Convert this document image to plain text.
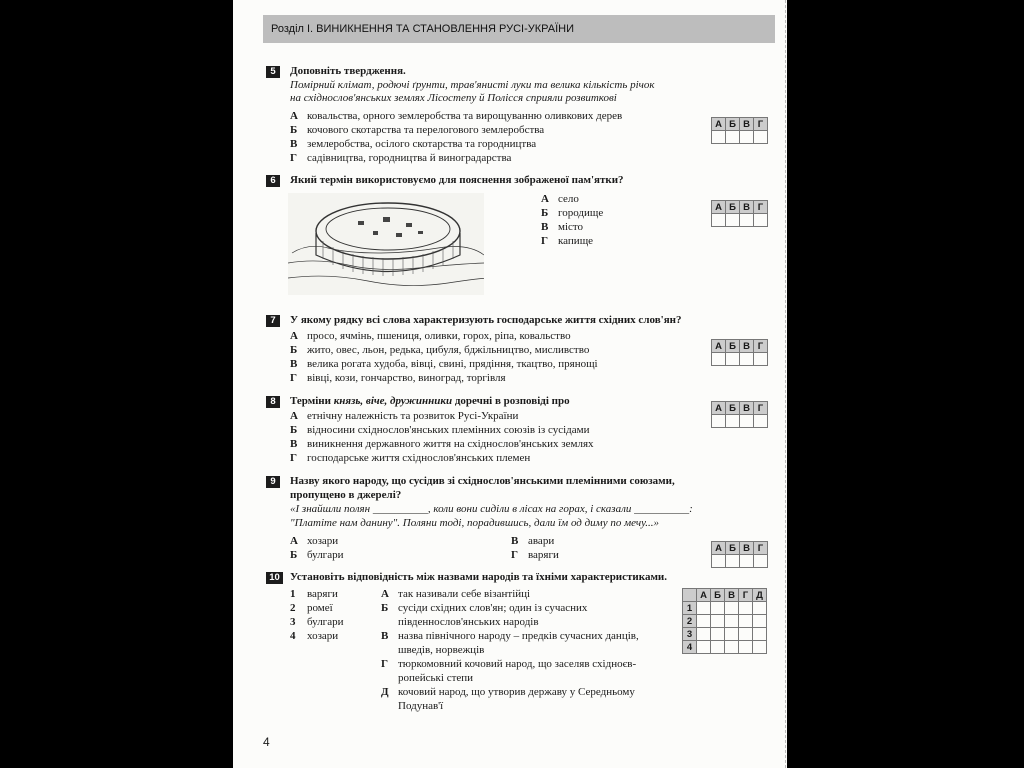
Розділ І. ВИНИКНЕННЯ ТА СТАНОВЛЕННЯ РУСІ-УКРАЇНИ
5	Доповніть твердження.
Помірний клімат, родючі ґрунти, трав'янисті луки та велика кількість річок
на східнослов'янських землях Лісостепу й Полісся сприяли розвиткові
А ковальства, орного землеробства та вирощуванню оливкових дерев
Б кочового скотарства та перелогового землеробства
В землеробства, осілого скотарства та городництва
Г садівництва, городництва й виноградарства
А	Б	В	Г

6	Який термін використовуємо для пояснення зображеної пам'ятки?
А село
Б городище
В місто
Г капище
А	Б	В	Г

7	У якому рядку всі слова характеризують господарське життя східних слов'ян?
А просо, ячмінь, пшениця, оливки, горох, ріпа, ковальство
Б жито, овес, льон, редька, цибуля, бджільництво, мисливство
В велика рогата худоба, вівці, свині, прядіння, ткацтво, прянощі
Г вівці, кози, гончарство, виноград, торгівля
А	Б	В	Г

8	Терміни князь, віче, дружинники доречні в розповіді про
А етнічну належність та розвиток Русі-України
Б відносини східнослов'янських племінних союзів із сусідами
В виникнення державного життя на східнослов'янських землях
Г господарське життя східнослов'янських племен
А	Б	В	Г

9	Назву якого народу, що сусідив зі східнослов'янськими племінними союзами,
пропущено в джерелі?
«І знайшли полян __________, коли вони сиділи в лісах на горах, і сказали __________:
"Платіте нам данину". Поляни тоді, порадившись, дали їм од диму по мечу...»
А хозари
Б булгари
В авари
Г варяги
А	Б	В	Г

10 Установіть відповідність між назвами народів та їхніми характеристиками.
1 варяги
2 ромеї
3 булгари
4 хозари
А так називали себе візантійці
Б сусіди східних слов'ян; один із сучасних
південнослов'янських народів
В назва північного народу – предків сучасних данців,
шведів, норвежців
Г тюркомовний кочовий народ, що заселяв східноєв-
ропейські степи
Д кочовий народ, що утворив державу у Середньому
Подунав'ї
	А	Б	В	Г	Д
1					
2					
3					
4					
4
